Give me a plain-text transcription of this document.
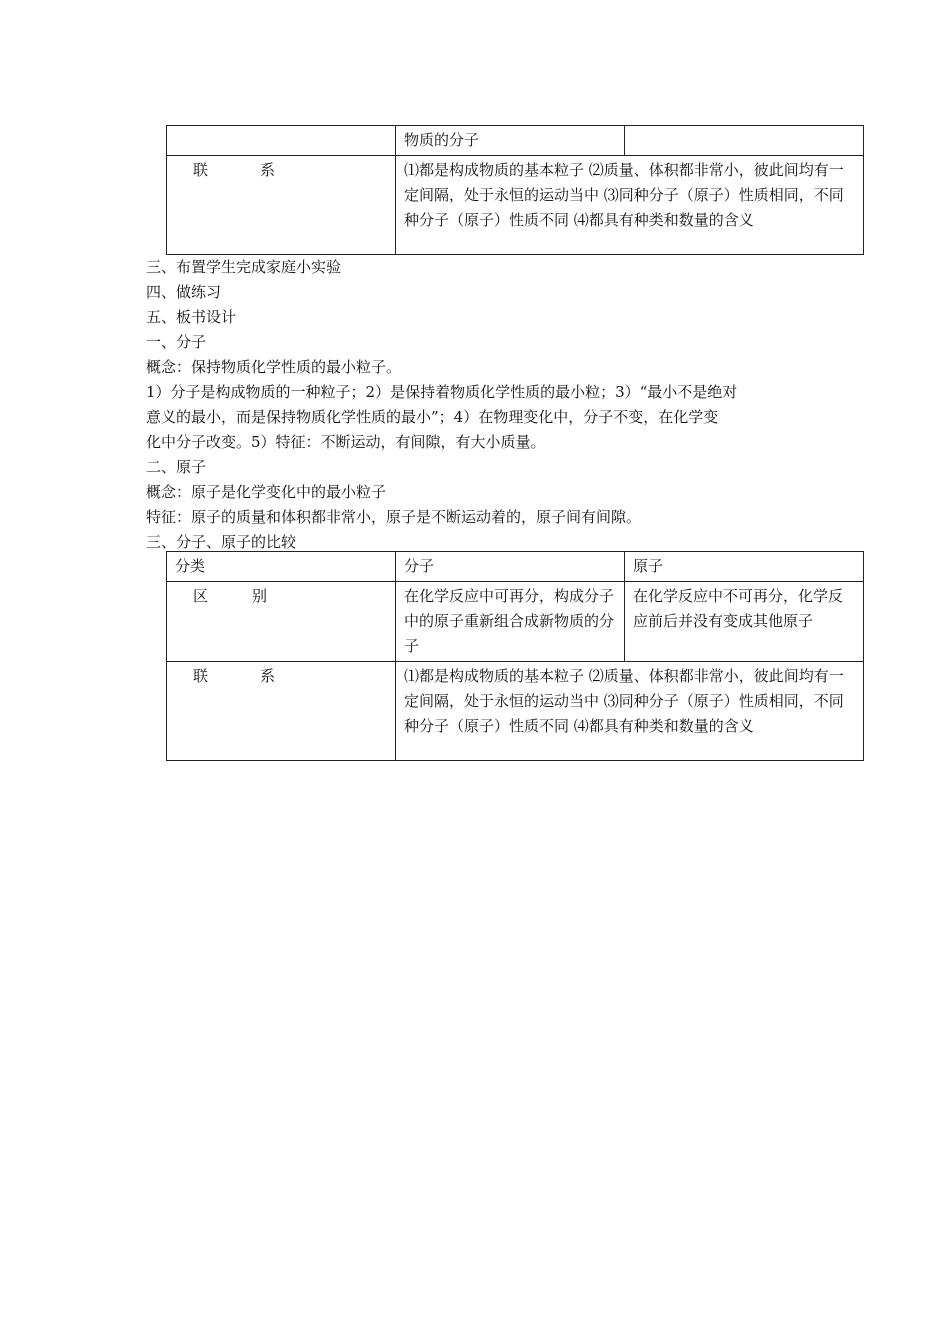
	物质的分子	
联 系	⑴都是构成物质的基本粒子 ⑵质量、体积都非常小，彼此间均有一定间隔，处于永恒的运动当中 ⑶同种分子（原子）性质相同，不同种分子（原子）性质不同 ⑷都具有种类和数量的含义	
三、布置学生完成家庭小实验
四、做练习
五、板书设计
一、分子
概念：保持物质化学性质的最小粒子。
1）分子是构成物质的一种粒子；2）是保持着物质化学性质的最小粒；3）“最小不是绝对
意义的最小，而是保持物质化学性质的最小”；4）在物理变化中，分子不变，在化学变
化中分子改变。5）特征：不断运动，有间隙，有大小质量。
二、原子
概念：原子是化学变化中的最小粒子
特征：原子的质量和体积都非常小，原子是不断运动着的，原子间有间隙。
三、分子、原子的比较
分类	分子	原子
区 别	在化学反应中可再分，构成分子中的原子重新组合成新物质的分子	在化学反应中不可再分，化学反应前后并没有变成其他原子
联 系	⑴都是构成物质的基本粒子 ⑵质量、体积都非常小，彼此间均有一定间隔，处于永恒的运动当中 ⑶同种分子（原子）性质相同，不同种分子（原子）性质不同 ⑷都具有种类和数量的含义	
